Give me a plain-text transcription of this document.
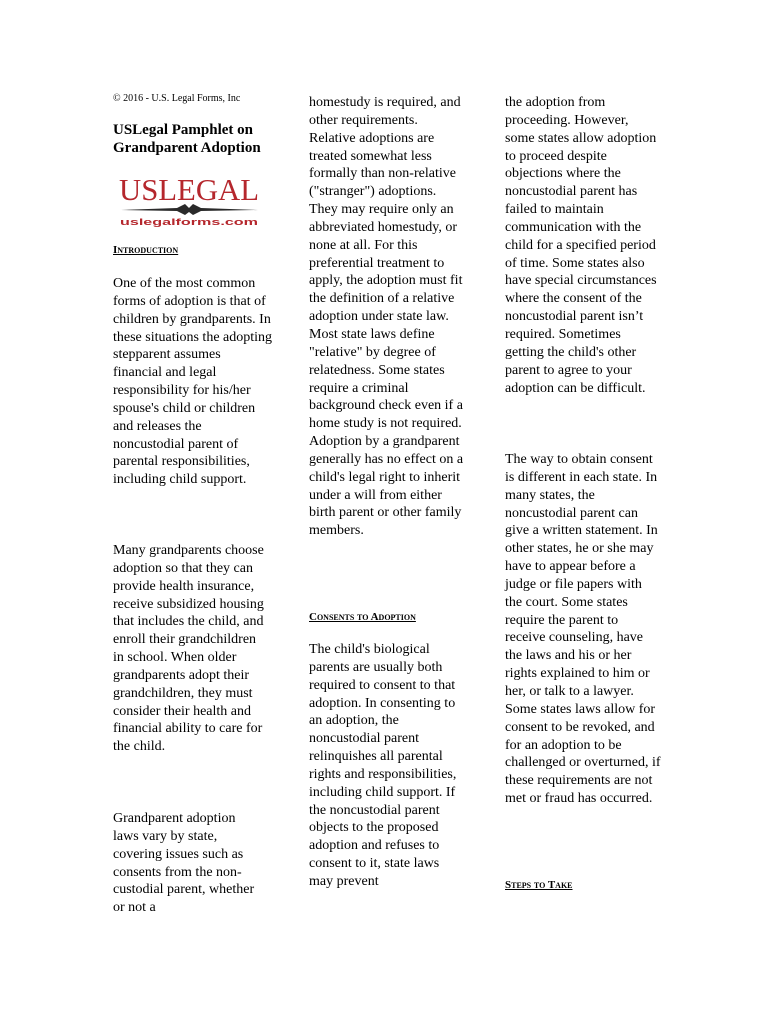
© 2016 - U.S. Legal Forms, Inc
USLegal Pamphlet on Grandparent Adoption
USLEGAL
uslegalforms.com
Introduction
One of the most common forms of adoption is that of children by grandparents. In these situations the adopting stepparent assumes financial and legal responsibility for his/her spouse's child or children and releases the noncustodial parent of parental responsibilities, including child support.
Many grandparents choose adoption so that they can provide health insurance, receive subsidized housing that includes the child, and enroll their grandchildren in school. When older grandparents adopt their grandchildren, they must consider their health and financial ability to care for the child.
Grandparent adoption laws vary by state, covering issues such as consents from the non-custodial parent, whether or not a
homestudy is required, and other requirements. Relative adoptions are treated somewhat less formally than non-relative ("stranger") adoptions. They may require only an abbreviated homestudy, or none at all. For this preferential treatment to apply, the adoption must fit the definition of a relative adoption under state law. Most state laws define "relative" by degree of relatedness. Some states require a criminal background check even if a home study is not required. Adoption by a grandparent generally has no effect on a child's legal right to inherit under a will from either birth parent or other family members.
Consents to Adoption
The child's biological parents are usually both required to consent to that adoption. In consenting to an adoption, the noncustodial parent relinquishes all parental rights and responsibilities, including child support. If the noncustodial parent objects to the proposed adoption and refuses to consent to it, state laws may prevent
the adoption from proceeding. However, some states allow adoption to proceed despite objections where the noncustodial parent has failed to maintain communication with the child for a specified period of time. Some states also have special circumstances where the consent of the noncustodial parent isn’t required. Sometimes getting the child's other parent to agree to your adoption can be difficult.
The way to obtain consent is different in each state. In many states, the noncustodial parent can give a written statement. In other states, he or she may have to appear before a judge or file papers with the court. Some states require the parent to receive counseling, have the laws and his or her rights explained to him or her, or talk to a lawyer. Some states laws allow for consent to be revoked, and for an adoption to be challenged or overturned, if these requirements are not met or fraud has occurred.
Steps to Take
